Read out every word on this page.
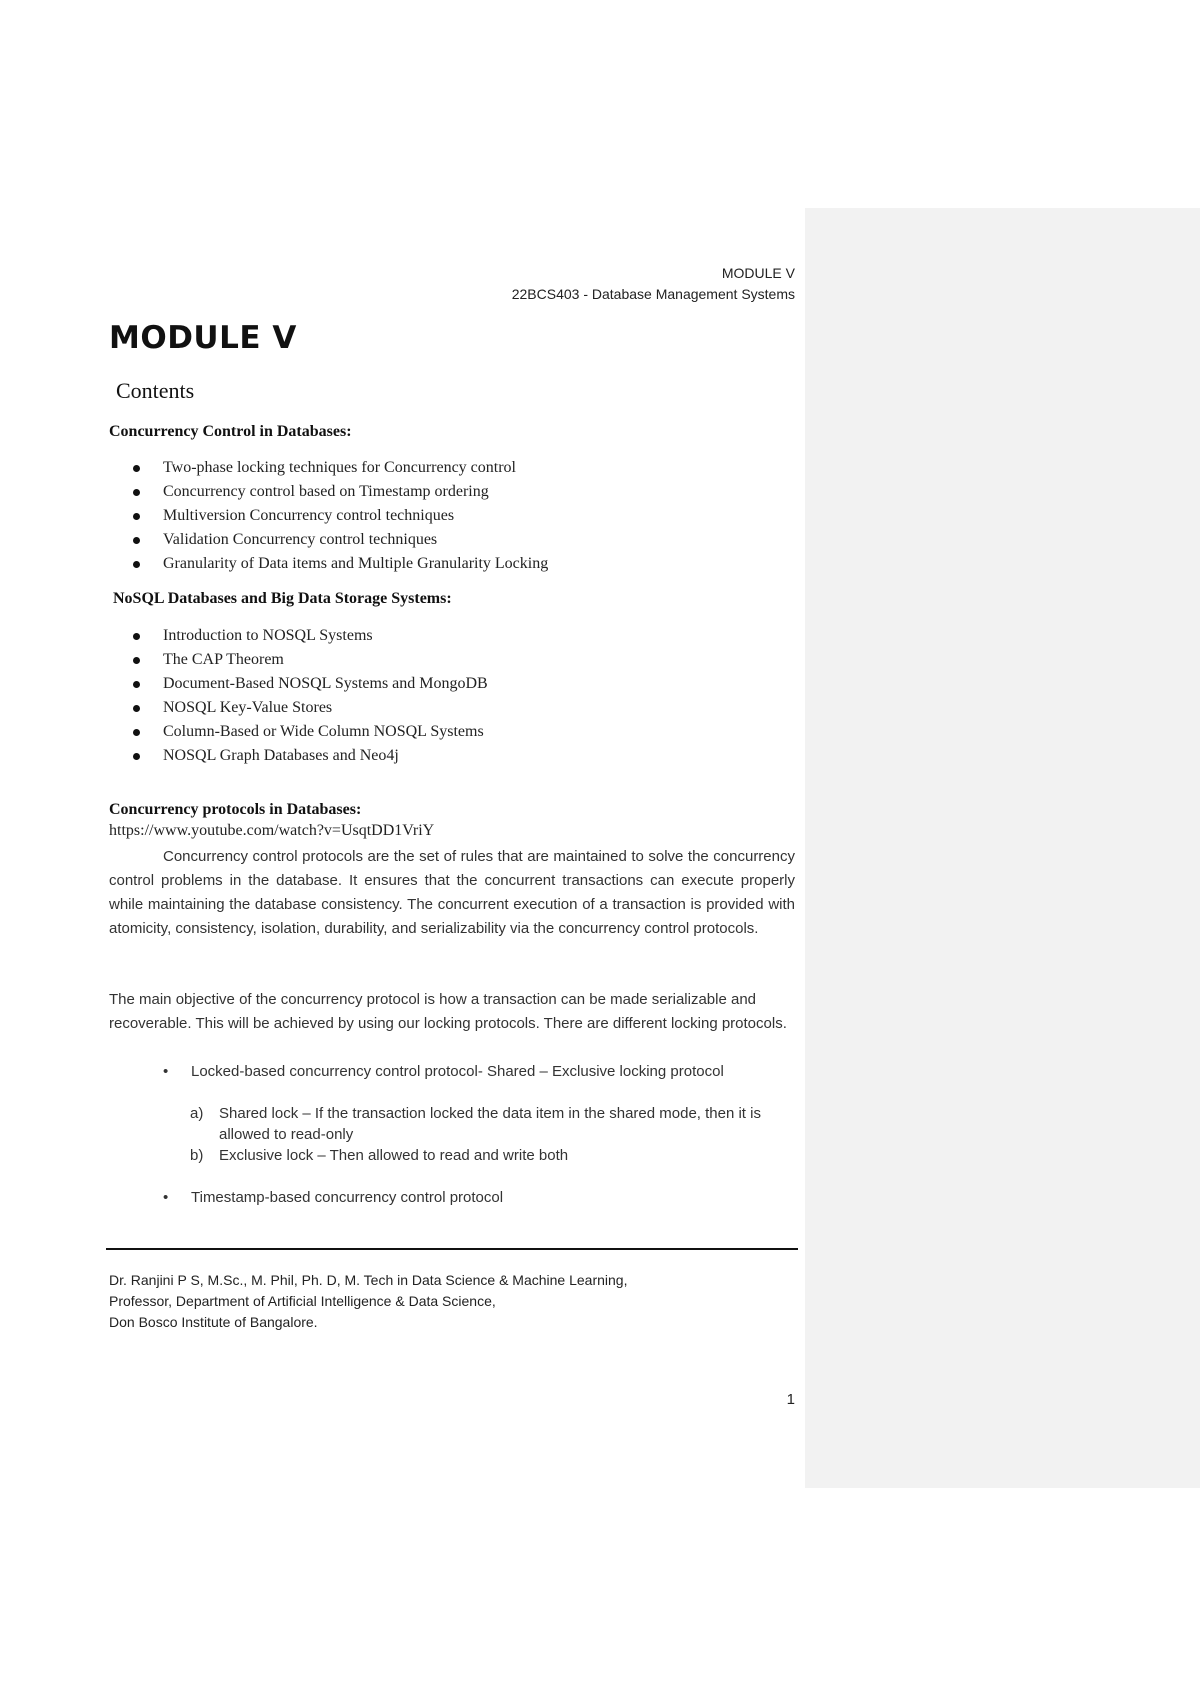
MODULE V
22BCS403 - Database Management Systems
MODULE V
Contents
Concurrency Control in Databases:
Two-phase locking techniques for Concurrency control
Concurrency control based on Timestamp ordering
Multiversion Concurrency control techniques
Validation Concurrency control techniques
Granularity of Data items and Multiple Granularity Locking
NoSQL Databases and Big Data Storage Systems:
Introduction to NOSQL Systems
The CAP Theorem
Document-Based NOSQL Systems and MongoDB
NOSQL Key-Value Stores
Column-Based or Wide Column NOSQL Systems
NOSQL Graph Databases and Neo4j
Concurrency protocols in Databases:
https://www.youtube.com/watch?v=UsqtDD1VriY

Concurrency control protocols are the set of rules that are maintained to solve the concurrency control problems in the database. It ensures that the concurrent transactions can execute properly while maintaining the database consistency. The concurrent execution of a transaction is provided with atomicity, consistency, isolation, durability, and serializability via the concurrency control protocols.

The main objective of the concurrency protocol is how a transaction can be made serializable and recoverable. This will be achieved by using our locking protocols. There are different locking protocols.

• Locked-based concurrency control protocol- Shared – Exclusive locking protocol
a) Shared lock – If the transaction locked the data item in the shared mode, then it is allowed to read-only
b) Exclusive lock – Then allowed to read and write both
• Timestamp-based concurrency control protocol
Dr. Ranjini P S, M.Sc., M. Phil, Ph. D, M. Tech in Data Science & Machine Learning,
Professor, Department of Artificial Intelligence & Data Science,
Don Bosco Institute of Bangalore.
1
